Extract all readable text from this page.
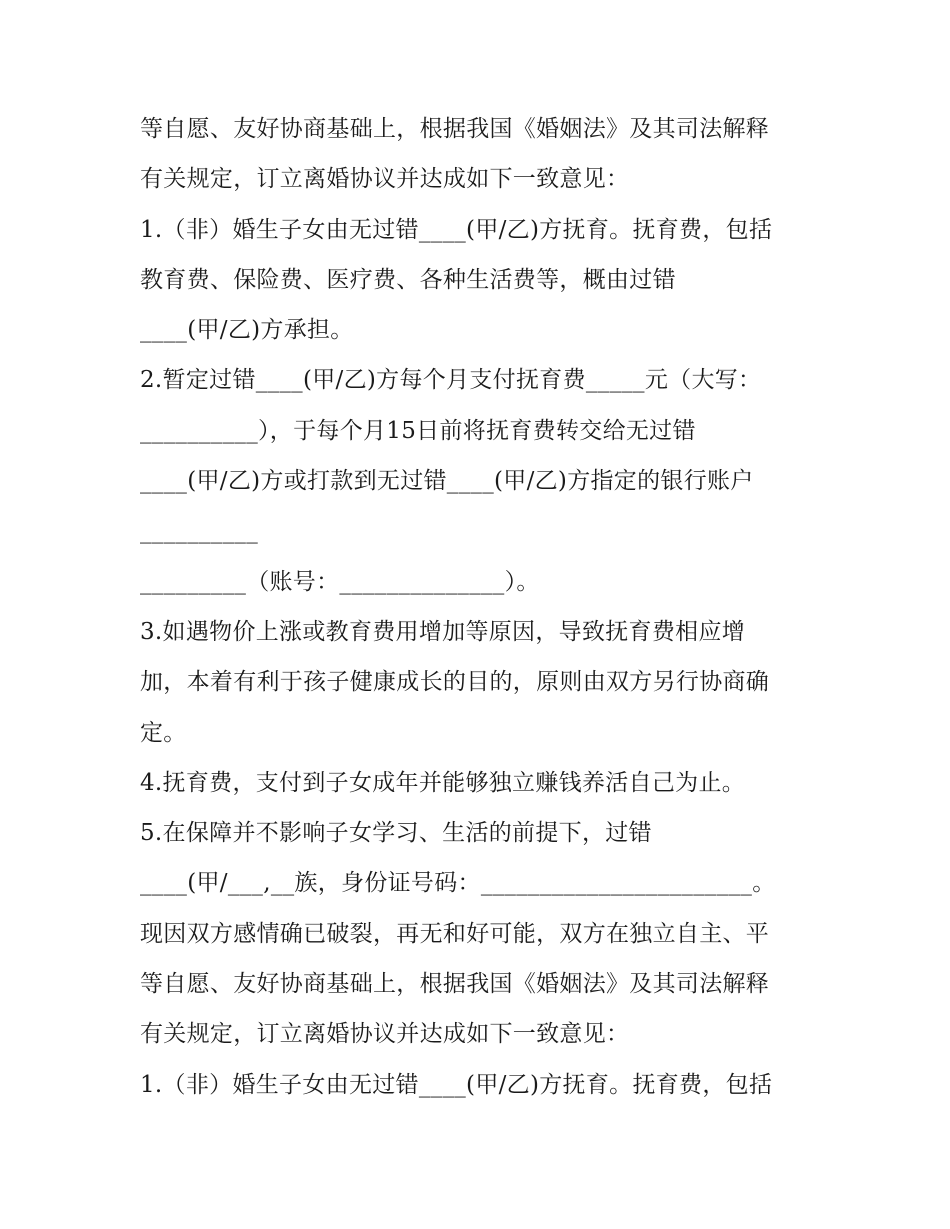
等自愿、友好协商基础上，根据我国《婚姻法》及其司法解释
有关规定，订立离婚协议并达成如下一致意见：
1.（非）婚生子女由无过错____(甲/乙)方抚育。抚育费，包括
教育费、保险费、医疗费、各种生活费等，概由过错
____(甲/乙)方承担。
2.暂定过错____(甲/乙)方每个月支付抚育费_____元（大写：
__________），于每个月15日前将抚育费转交给无过错
____(甲/乙)方或打款到无过错____(甲/乙)方指定的银行账户
__________
_________（账号：______________）。
3.如遇物价上涨或教育费用增加等原因，导致抚育费相应增
加，本着有利于孩子健康成长的目的，原则由双方另行协商确
定。
4.抚育费，支付到子女成年并能够独立赚钱养活自己为止。
5.在保障并不影响子女学习、生活的前提下，过错
____(甲/___,__族，身份证号码：_______________________。
现因双方感情确已破裂，再无和好可能，双方在独立自主、平
等自愿、友好协商基础上，根据我国《婚姻法》及其司法解释
有关规定，订立离婚协议并达成如下一致意见：
1.（非）婚生子女由无过错____(甲/乙)方抚育。抚育费，包括
